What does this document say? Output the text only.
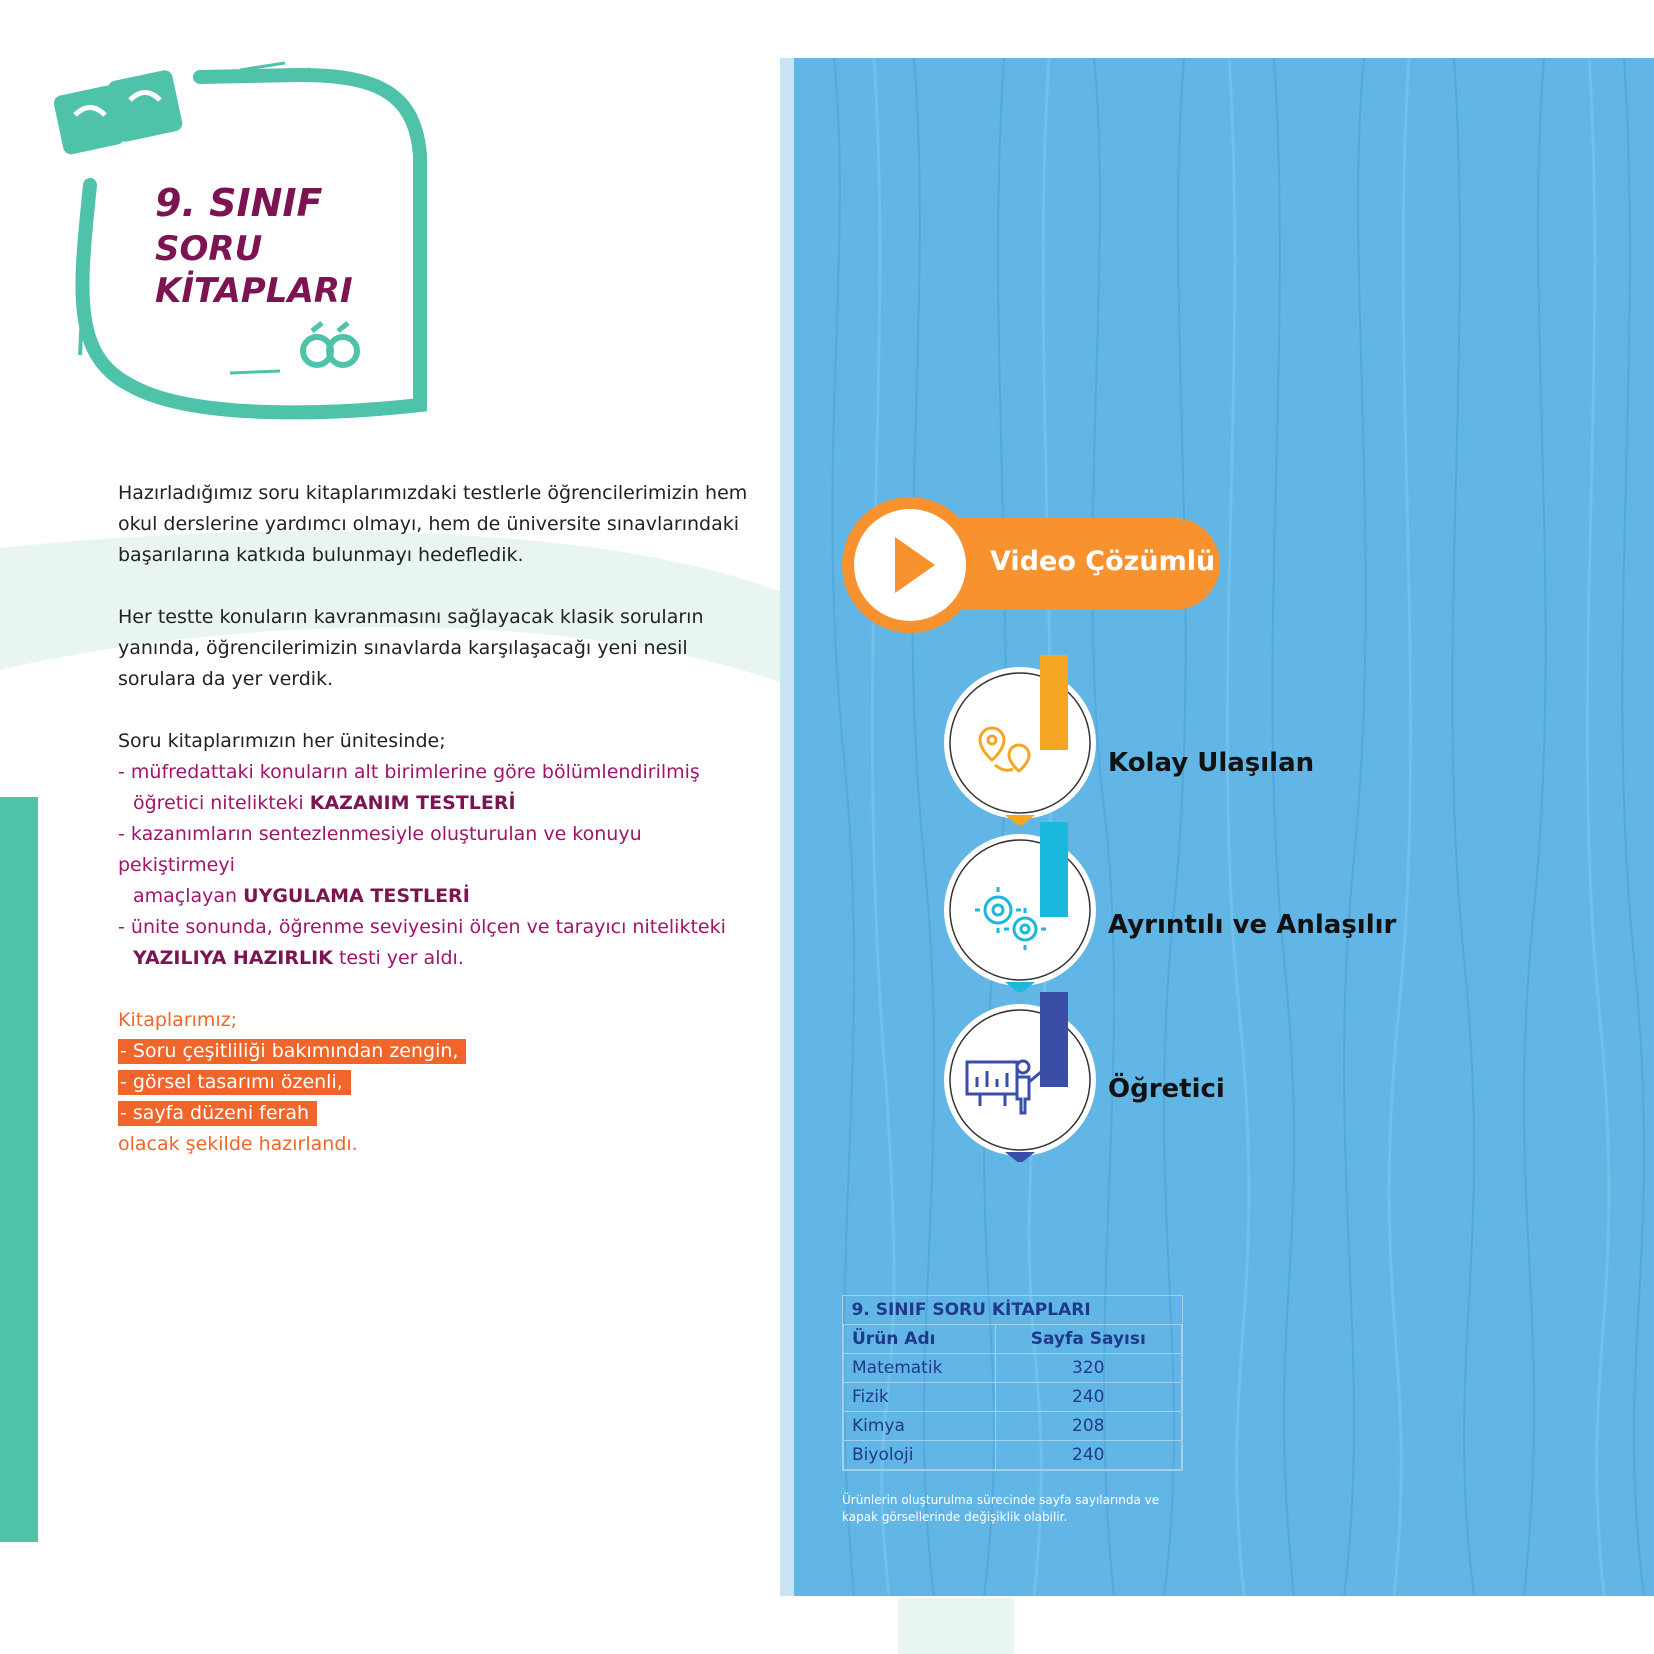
9. SINIF
SORU
KİTAPLARI

Hazırladığımız soru kitaplarımızdaki testlerle öğrencilerimizin hem

okul derslerine yardımcı olmayı, hem de üniversite sınavlarındaki

başarılarına katkıda bulunmayı hedefledik.

Her testte konuların kavranmasını sağlayacak klasik soruların

yanında, öğrencilerimizin sınavlarda karşılaşacağı yeni nesil

sorulara da yer verdik.

Soru kitaplarımızın her ünitesinde;

- müfredattaki konuların alt birimlerine göre bölümlendirilmiş

öğretici nitelikteki KAZANIM TESTLERİ

- kazanımların sentezlenmesiyle oluşturulan ve konuyu pekiştirmeyi

amaçlayan UYGULAMA TESTLERİ

- ünite sonunda, öğrenme seviyesini ölçen ve tarayıcı nitelikteki

YAZILIYA HAZIRLIK testi yer aldı.

Kitaplarımız;

- Soru çeşitliliği bakımından zengin,

- görsel tasarımı özenli,

- sayfa düzeni ferah

olacak şekilde hazırlandı.

Video Çözümlü
Kolay Ulaşılan
Ayrıntılı ve Anlaşılır
Öğretici
9. SINIF SORU KİTAPLARI	
Ürün Adı	Sayfa Sayısı
Matematik	320
Fizik	240
Kimya	208
Biyoloji	240
Ürünlerin oluşturulma sürecinde sayfa sayılarında ve
kapak görsellerinde değişiklik olabilir.
